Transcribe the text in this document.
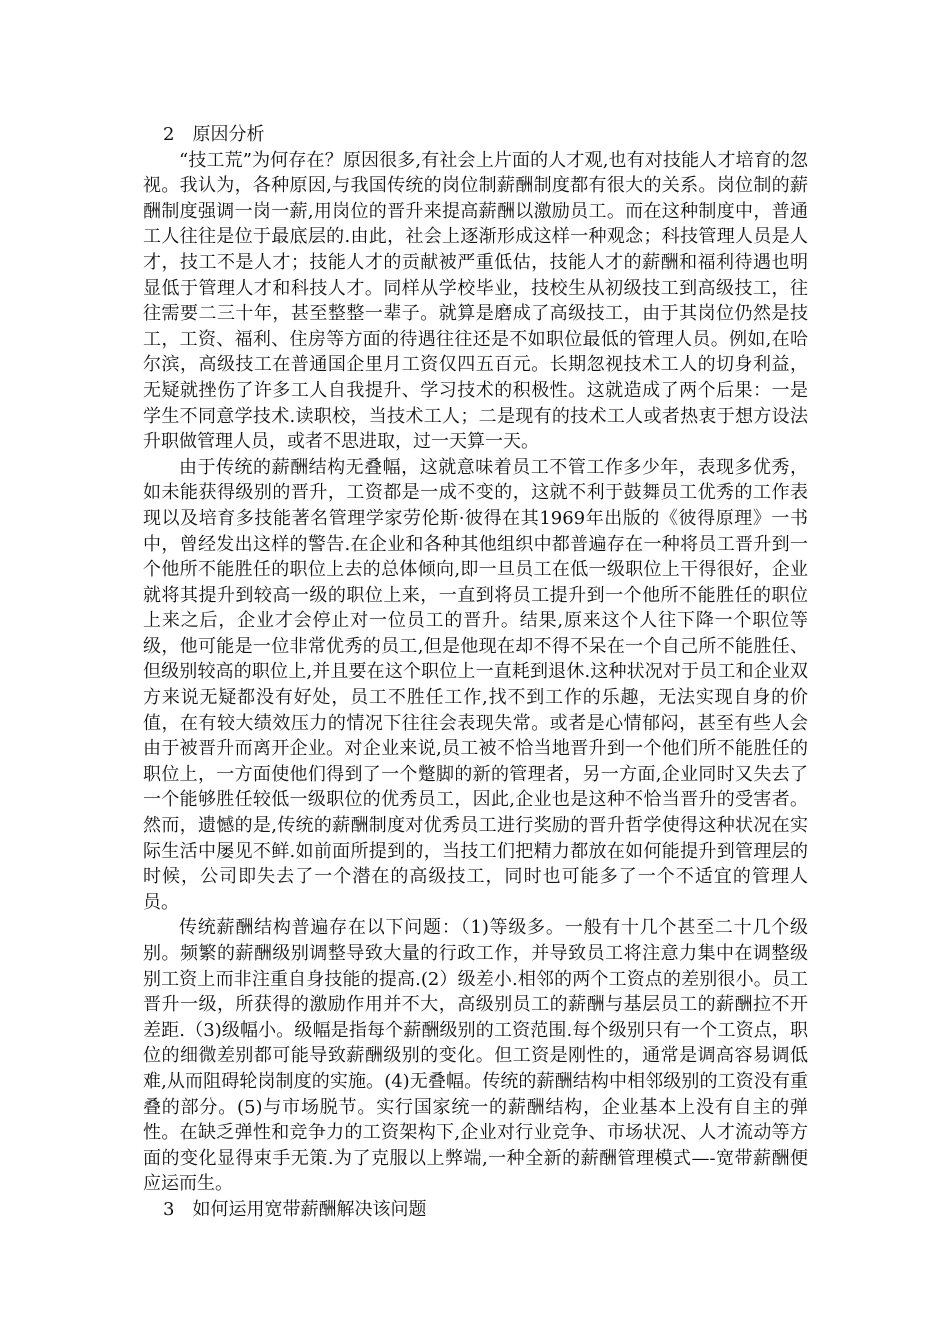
2　原因分析

“技工荒”为何存在？原因很多,有社会上片面的人才观,也有对技能人才培育的忽视。我认为，各种原因,与我国传统的岗位制薪酬制度都有很大的关系。岗位制的薪酬制度强调一岗一薪,用岗位的晋升来提高薪酬以激励员工。而在这种制度中，普通工人往往是位于最底层的.由此，社会上逐渐形成这样一种观念；科技管理人员是人才，技工不是人才；技能人才的贡献被严重低估，技能人才的薪酬和福利待遇也明显低于管理人才和科技人才。同样从学校毕业，技校生从初级技工到高级技工，往往需要二三十年，甚至整整一辈子。就算是磨成了高级技工，由于其岗位仍然是技工，工资、福利、住房等方面的待遇往往还是不如职位最低的管理人员。例如,在哈尔滨，高级技工在普通国企里月工资仅四五百元。长期忽视技术工人的切身利益，无疑就挫伤了许多工人自我提升、学习技术的积极性。这就造成了两个后果：一是学生不同意学技术.读职校，当技术工人；二是现有的技术工人或者热衷于想方设法升职做管理人员，或者不思进取，过一天算一天。

由于传统的薪酬结构无叠幅，这就意味着员工不管工作多少年，表现多优秀，如未能获得级别的晋升，工资都是一成不变的，这就不利于鼓舞员工优秀的工作表现以及培育多技能著名管理学家劳伦斯·彼得在其1969年出版的《彼得原理》一书中，曾经发出这样的警告.在企业和各种其他组织中都普遍存在一种将员工晋升到一个他所不能胜任的职位上去的总体倾向,即一旦员工在低一级职位上干得很好，企业就将其提升到较高一级的职位上来，一直到将员工提升到一个他所不能胜任的职位上来之后，企业才会停止对一位员工的晋升。结果,原来这个人往下降一个职位等级，他可能是一位非常优秀的员工,但是他现在却不得不呆在一个自己所不能胜任、但级别较高的职位上,并且要在这个职位上一直耗到退休.这种状况对于员工和企业双方来说无疑都没有好处，员工不胜任工作,找不到工作的乐趣，无法实现自身的价值，在有较大绩效压力的情况下往往会表现失常。或者是心情郁闷，甚至有些人会由于被晋升而离开企业。对企业来说,员工被不恰当地晋升到一个他们所不能胜任的职位上，一方面使他们得到了一个蹩脚的新的管理者，另一方面,企业同时又失去了一个能够胜任较低一级职位的优秀员工，因此,企业也是这种不恰当晋升的受害者。然而，遗憾的是,传统的薪酬制度对优秀员工进行奖励的晋升哲学使得这种状况在实际生活中屡见不鲜.如前面所提到的，当技工们把精力都放在如何能提升到管理层的时候，公司即失去了一个潜在的高级技工，同时也可能多了一个不适宜的管理人员。

传统薪酬结构普遍存在以下问题：（1)等级多。一般有十几个甚至二十几个级别。频繁的薪酬级别调整导致大量的行政工作，并导致员工将注意力集中在调整级别工资上而非注重自身技能的提高.(2）级差小.相邻的两个工资点的差别很小。员工晋升一级，所获得的激励作用并不大，高级别员工的薪酬与基层员工的薪酬拉不开差距.（3)级幅小。级幅是指每个薪酬级别的工资范围.每个级别只有一个工资点，职位的细微差别都可能导致薪酬级别的变化。但工资是刚性的，通常是调高容易调低难,从而阻碍轮岗制度的实施。(4)无叠幅。传统的薪酬结构中相邻级别的工资没有重叠的部分。(5)与市场脱节。实行国家统一的薪酬结构，企业基本上没有自主的弹性。在缺乏弹性和竞争力的工资架构下,企业对行业竞争、市场状况、人才流动等方面的变化显得束手无策.为了克服以上弊端,一种全新的薪酬管理模式—-宽带薪酬便应运而生。

3　如何运用宽带薪酬解决该问题
